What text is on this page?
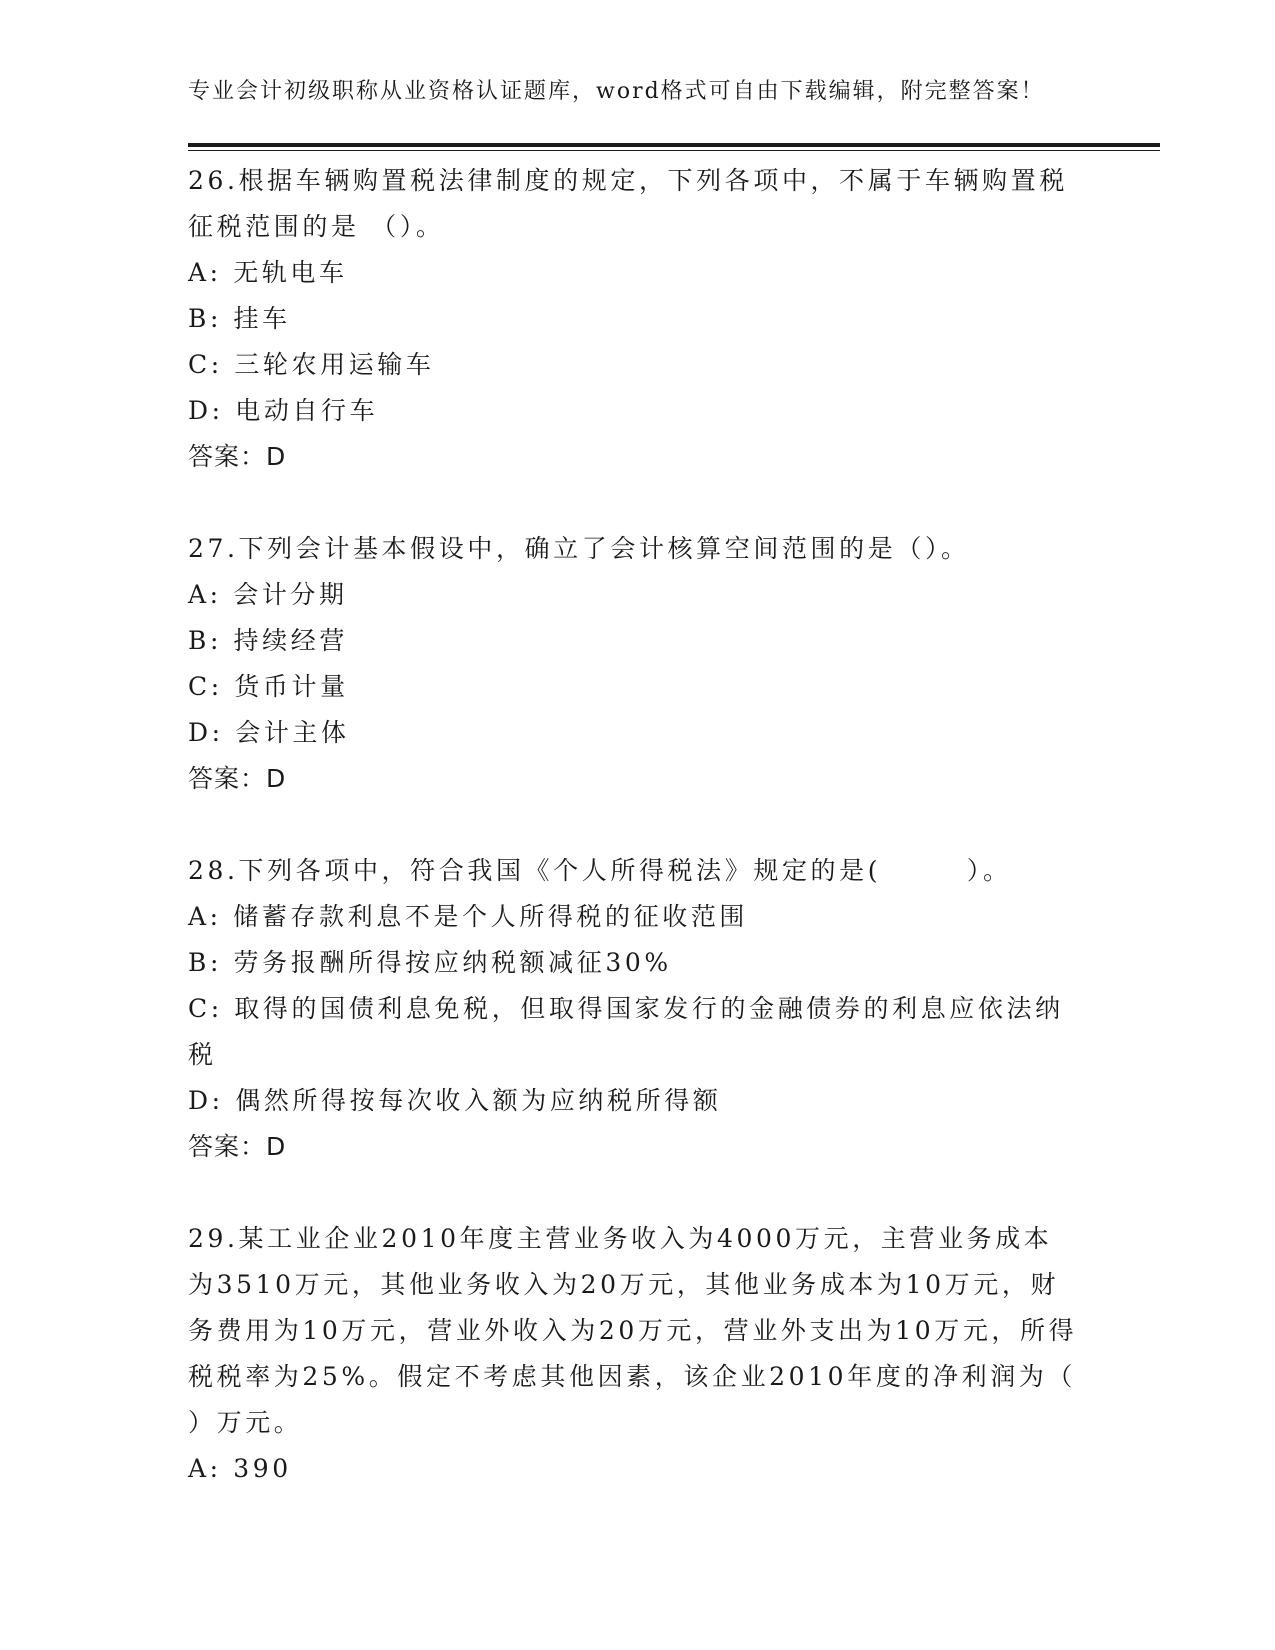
专业会计初级职称从业资格认证题库，word格式可自由下载编辑，附完整答案！

26.根据车辆购置税法律制度的规定，下列各项中，不属于车辆购置税征税范围的是 （）。

A: 无轨电车

B: 挂车

C: 三轮农用运输车

D: 电动自行车

答案：D

27.下列会计基本假设中，确立了会计核算空间范围的是（）。

A: 会计分期

B: 持续经营

C: 货币计量

D: 会计主体

答案：D

28.下列各项中，符合我国《个人所得税法》规定的是(　　　）。

A: 储蓄存款利息不是个人所得税的征收范围

B: 劳务报酬所得按应纳税额减征30%

C: 取得的国债利息免税，但取得国家发行的金融债券的利息应依法纳税

D: 偶然所得按每次收入额为应纳税所得额

答案：D

29.某工业企业2010年度主营业务收入为4000万元，主营业务成本为3510万元，其他业务收入为20万元，其他业务成本为10万元，财务费用为10万元，营业外收入为20万元，营业外支出为10万元，所得税税率为25%。假定不考虑其他因素，该企业2010年度的净利润为（ ）万元。

A: 390
